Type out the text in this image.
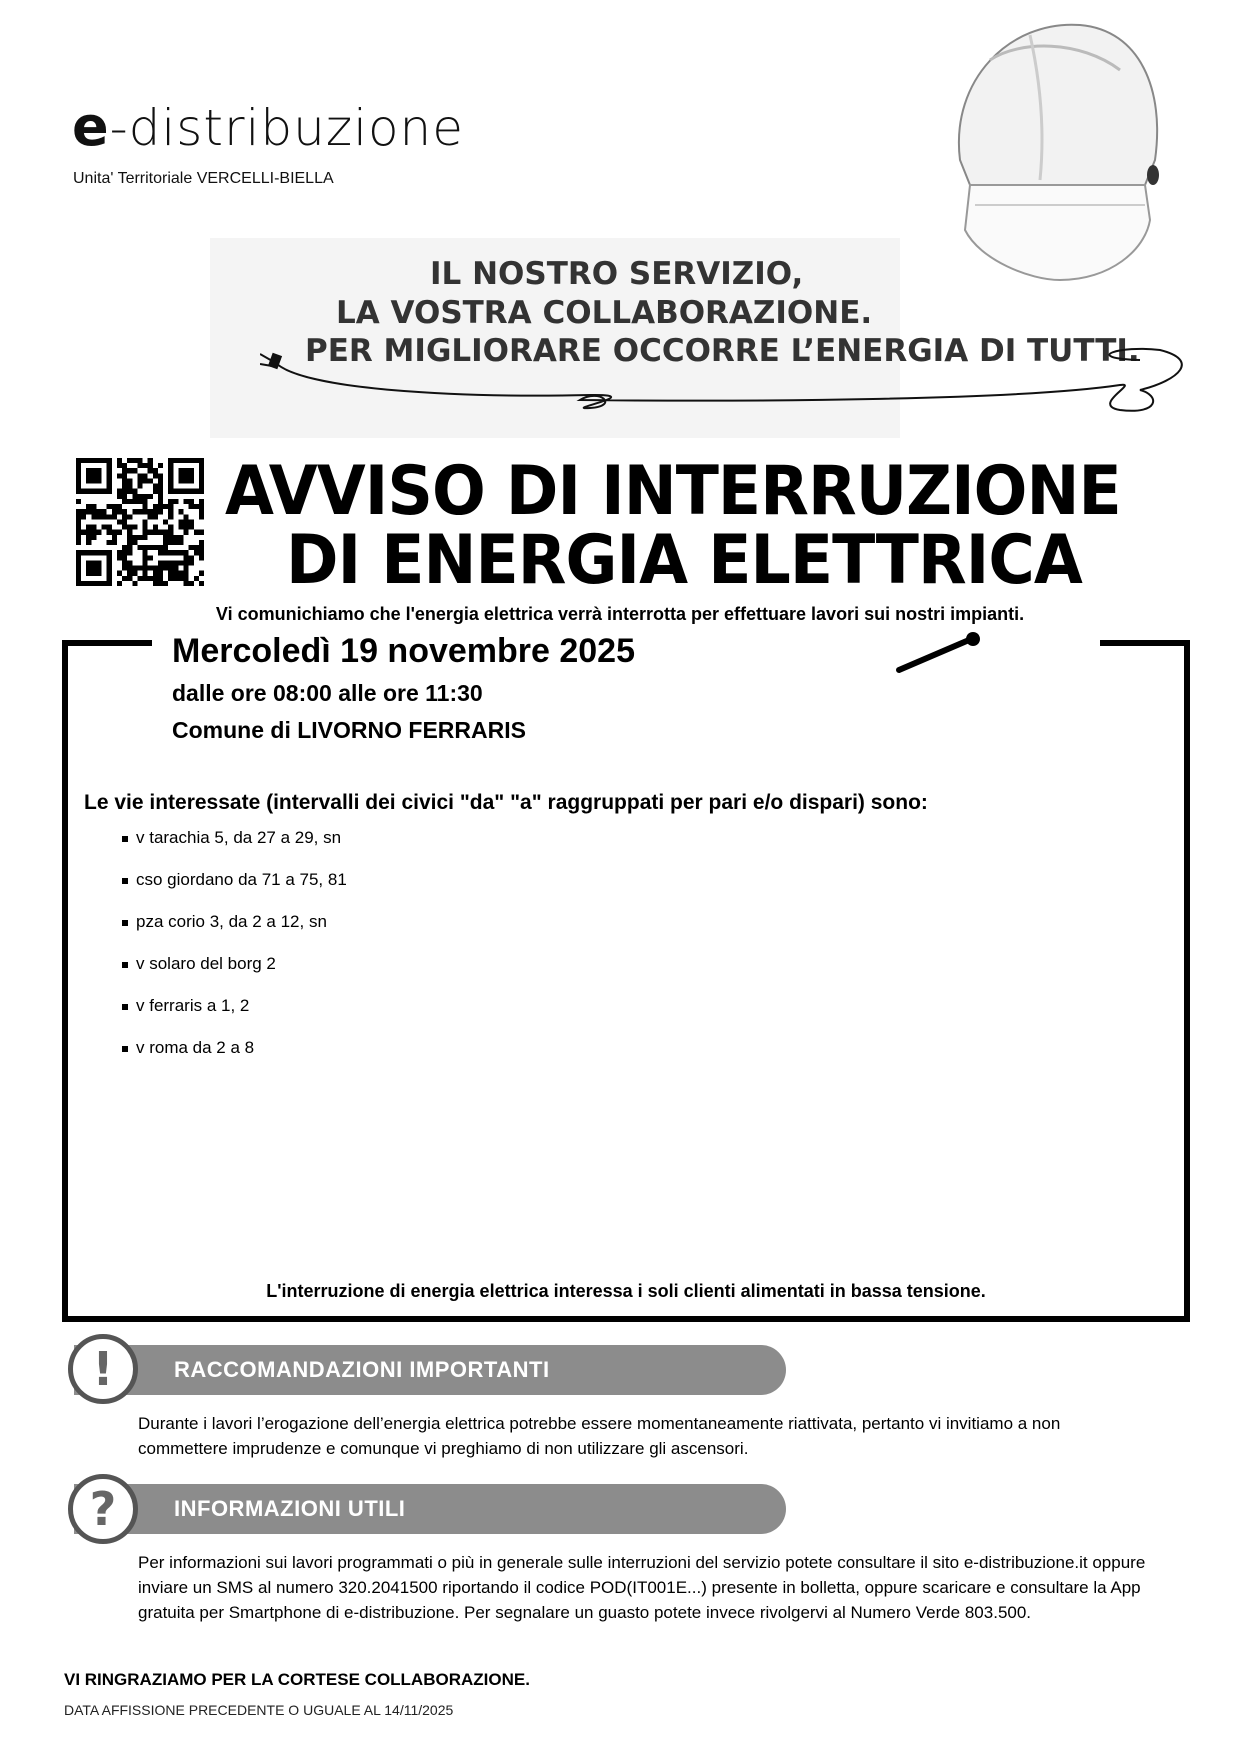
e-distribuzione
Unita' Territoriale VERCELLI-BIELLA
IL NOSTRO SERVIZIO,
LA VOSTRA COLLABORAZIONE.
PER MIGLIORARE OCCORRE L’ENERGIA DI TUTTI.
AVVISO DI INTERRUZIONE
DI ENERGIA ELETTRICA
Vi comunichiamo che l'energia elettrica verrà interrotta per effettuare lavori sui nostri impianti.
Mercoledì 19 novembre 2025
dalle ore 08:00 alle ore 11:30
Comune di LIVORNO FERRARIS
Le vie interessate (intervalli dei civici "da" "a" raggruppati per pari e/o dispari) sono:
v tarachia 5, da 27 a 29, sn
cso giordano da 71 a 75, 81
pza corio 3, da 2 a 12, sn
v solaro del borg 2
v ferraris a 1, 2
v roma da 2 a 8
L'interruzione di energia elettrica interessa i soli clienti alimentati in bassa tensione.
RACCOMANDAZIONI IMPORTANTI
!
Durante i lavori l’erogazione dell’energia elettrica potrebbe essere momentaneamente riattivata, pertanto vi invitiamo a non commettere imprudenze e comunque vi preghiamo di non utilizzare gli ascensori.
INFORMAZIONI UTILI
?
Per informazioni sui lavori programmati o più in generale sulle interruzioni del servizio potete consultare il sito e-distribuzione.it oppure inviare un SMS al numero 320.2041500 riportando il codice POD(IT001E...) presente in bolletta, oppure scaricare e consultare la App gratuita per Smartphone di e-distribuzione. Per segnalare un guasto potete invece rivolgervi al Numero Verde 803.500.
VI RINGRAZIAMO PER LA CORTESE COLLABORAZIONE.
DATA AFFISSIONE PRECEDENTE O UGUALE AL 14/11/2025
